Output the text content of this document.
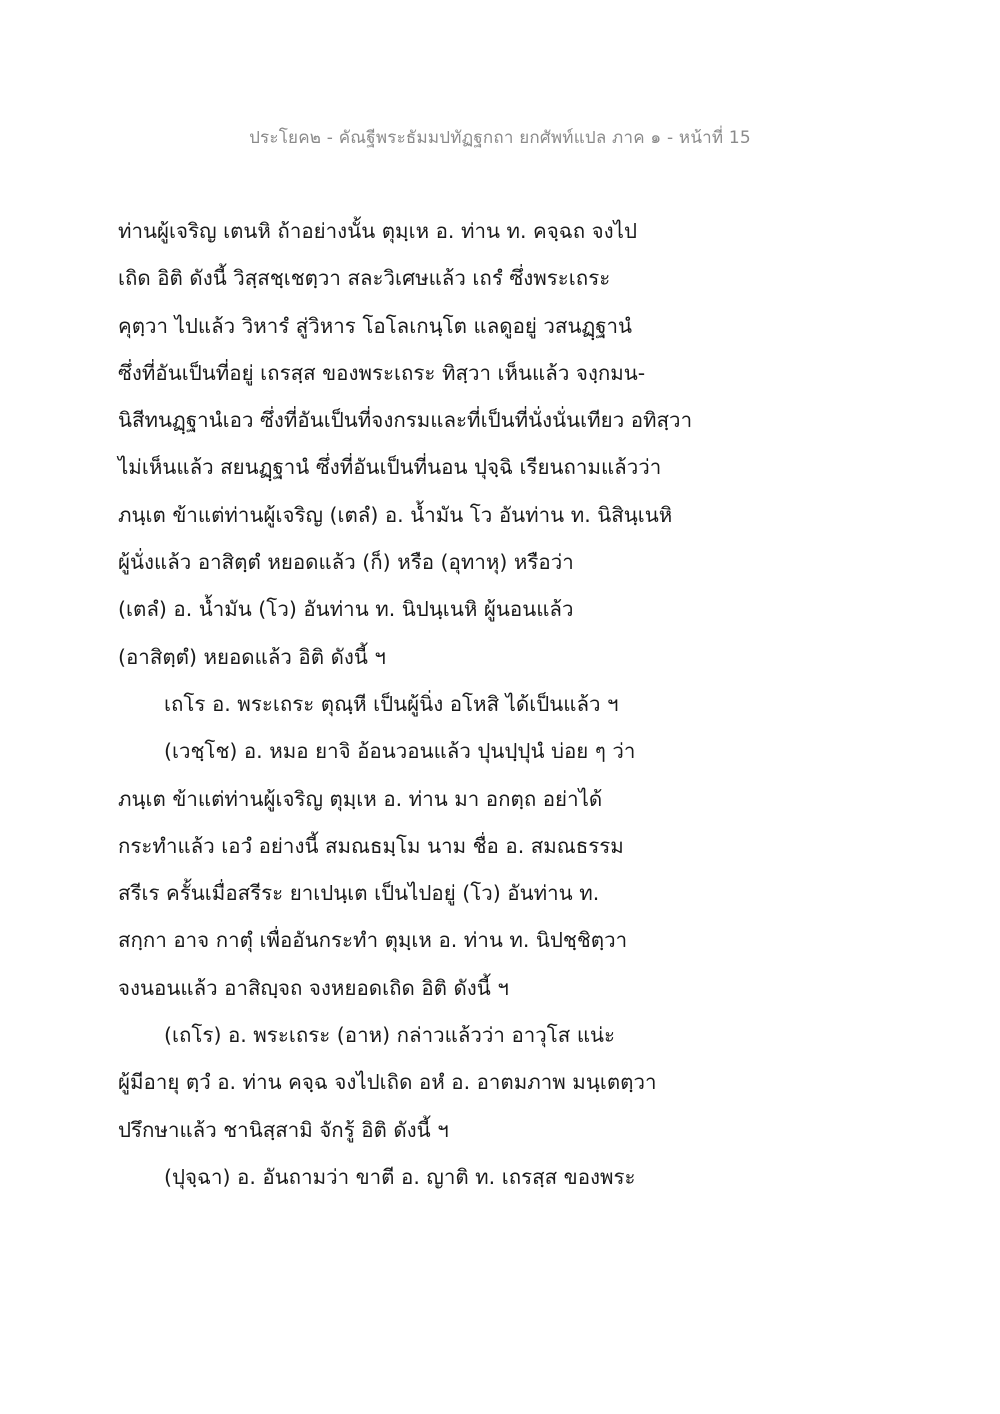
ประโยค๒ - คัณฐีพระธัมมปทัฏฐกถา ยกศัพท์แปล ภาค ๑ - หน้าที่ 15
ท่านผู้เจริญ เตนหิ ถ้าอย่างนั้น ตุมฺเห อ. ท่าน ท. คจฺฉถ จงไป
เถิด อิติ ดังนี้ วิสฺสชฺเชตฺวา สละวิเศษแล้ว เถรํ ซึ่งพระเถระ
คุตฺวา ไปแล้ว วิหารํ สู่วิหาร โอโลเกนฺโต แลดูอยู่ วสนฏฺฐานํ
ซึ่งที่อันเป็นที่อยู่ เถรสฺส ของพระเถระ ทิสฺวา เห็นแล้ว จงฺกมน-
นิสีทนฏฺฐานํเอว ซึ่งที่อันเป็นที่จงกรมและที่เป็นที่นั่งนั่นเทียว อทิสฺวา
ไม่เห็นแล้ว สยนฏฺฐานํ ซึ่งที่อันเป็นที่นอน ปุจฺฉิ เรียนถามแล้วว่า
ภนฺเต ข้าแต่ท่านผู้เจริญ (เตลํ) อ. น้ำมัน โว อันท่าน ท. นิสินฺเนหิ
ผู้นั่งแล้ว อาสิตฺตํ หยอดแล้ว (ก็) หรือ (อุทาหุ) หรือว่า
(เตลํ) อ. น้ำมัน (โว) อันท่าน ท. นิปนฺเนหิ ผู้นอนแล้ว
(อาสิตฺตํ) หยอดแล้ว อิติ ดังนี้ ฯ
เถโร อ. พระเถระ ตุณฺหี เป็นผู้นิ่ง อโหสิ ได้เป็นแล้ว ฯ
(เวชฺโช) อ. หมอ ยาจิ อ้อนวอนแล้ว ปุนปฺปุนํ บ่อย ๆ ว่า
ภนฺเต ข้าแต่ท่านผู้เจริญ ตุมฺเห อ. ท่าน มา อกตฺถ อย่าได้
กระทำแล้ว เอวํ อย่างนี้ สมณธมฺโม นาม ชื่อ อ. สมณธรรม
สรีเร ครั้นเมื่อสรีระ ยาเปนฺเต เป็นไปอยู่ (โว) อันท่าน ท.
สกฺกา อาจ กาตุํ เพื่ออันกระทำ ตุมฺเห อ. ท่าน ท. นิปชฺชิตฺวา
จงนอนแล้ว อาสิญฺจถ จงหยอดเถิด อิติ ดังนี้ ฯ
(เถโร) อ. พระเถระ (อาห) กล่าวแล้วว่า อาวุโส แน่ะ
ผู้มีอายุ ตฺวํ อ. ท่าน คจฺฉ จงไปเถิด อหํ อ. อาตมภาพ มนฺเตตฺวา
ปรึกษาแล้ว ชานิสฺสามิ จักรู้ อิติ ดังนี้ ฯ
(ปุจฺฉา) อ. อันถามว่า ขาตี อ. ญาติ ท. เถรสฺส ของพระ
